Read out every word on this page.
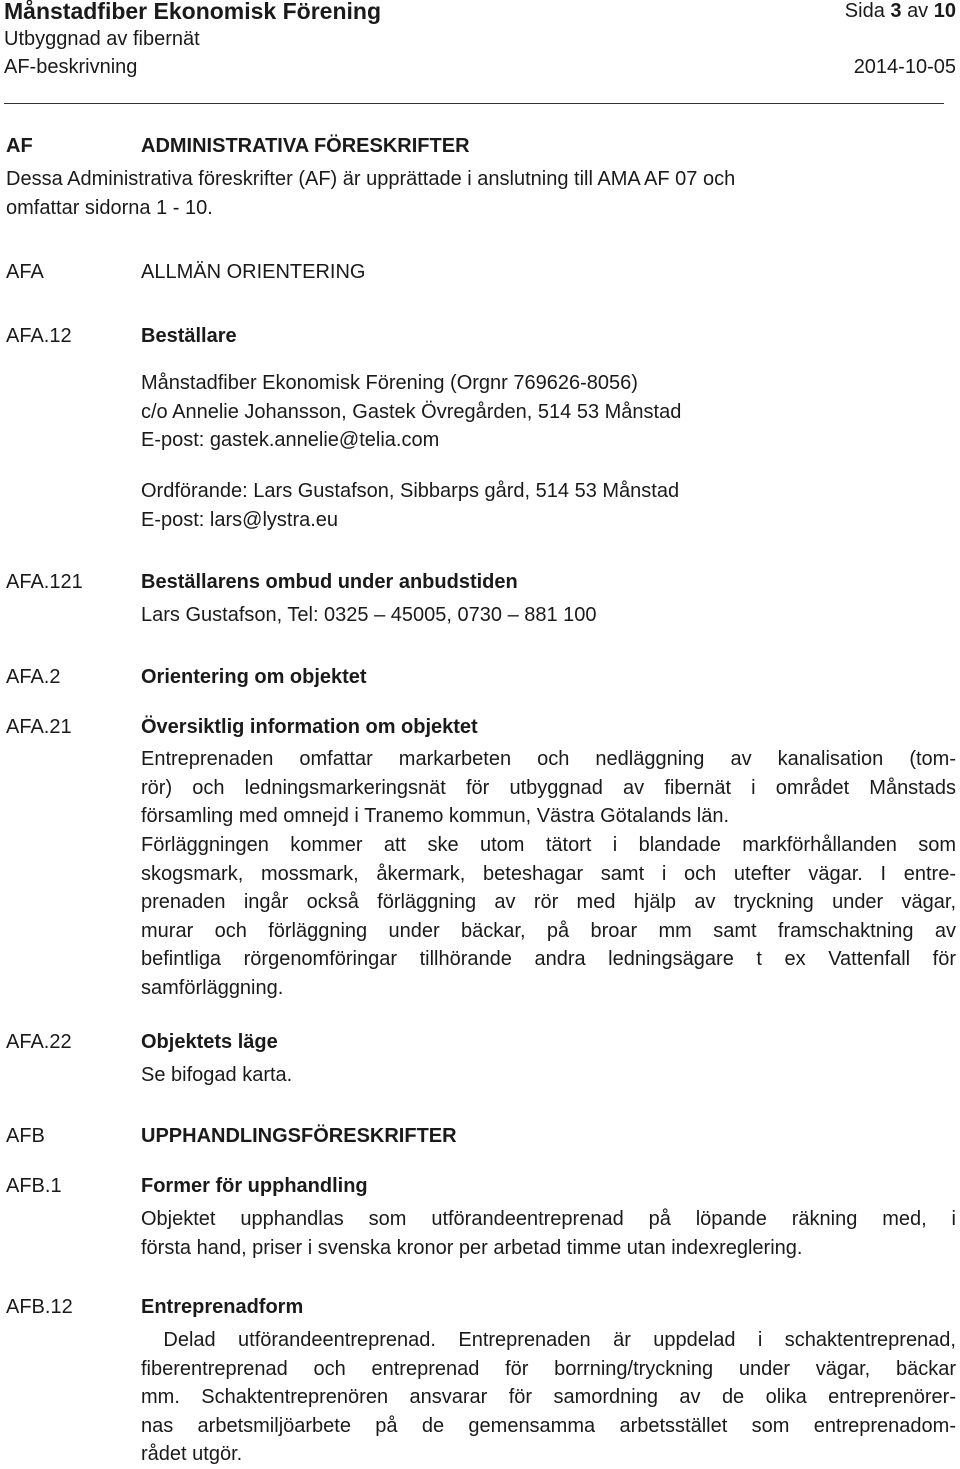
Månstadfiber Ekonomisk Förening	Sida 3 av 10
Utbyggnad av fibernät
AF-beskrivning	2014-10-05
AF	ADMINISTRATIVA FÖRESKRIFTER
Dessa Administrativa föreskrifter (AF) är upprättade i anslutning till AMA AF 07 och
omfattar sidorna 1 - 10.
AFA	ALLMÄN ORIENTERING
AFA.12	Beställare
Månstadfiber Ekonomisk Förening (Orgnr 769626-8056)
c/o Annelie Johansson, Gastek Övregården, 514 53 Månstad
E-post: gastek.annelie@telia.com
Ordförande: Lars Gustafson, Sibbarps gård, 514 53 Månstad
E-post: lars@lystra.eu
AFA.121	Beställarens ombud under anbudstiden
Lars Gustafson, Tel: 0325 – 45005, 0730 – 881 100
AFA.2	Orientering om objektet
AFA.21	Översiktlig information om objektet
Entreprenaden omfattar markarbeten och nedläggning av kanalisation (tom-
rör) och ledningsmarkeringsnät för utbyggnad av fibernät i området Månstads
församling med omnejd i Tranemo kommun, Västra Götalands län.
Förläggningen kommer att ske utom tätort i blandade markförhållanden som
skogsmark, mossmark, åkermark, beteshagar samt i och utefter vägar. I entre-
prenaden ingår också förläggning av rör med hjälp av tryckning under vägar,
murar och förläggning under bäckar, på broar mm samt framschaktning av
befintliga rörgenomföringar tillhörande andra ledningsägare t ex Vattenfall för
samförläggning.
AFA.22	Objektets läge
Se bifogad karta.
AFB	UPPHANDLINGSFÖRESKRIFTER
AFB.1	Former för upphandling
Objektet upphandlas som utförandeentreprenad på löpande räkning med, i
första hand, priser i svenska kronor per arbetad timme utan indexreglering.
AFB.12	Entreprenadform
Delad utförandeentreprenad. Entreprenaden är uppdelad i schaktentreprenad,
fiberentreprenad och entreprenad för borrning/tryckning under vägar, bäckar
mm. Schaktentreprenören ansvarar för samordning av de olika entreprenörer-
nas arbetsmiljöarbete på de gemensamma arbetsstället som entreprenadom-
rådet utgör.
